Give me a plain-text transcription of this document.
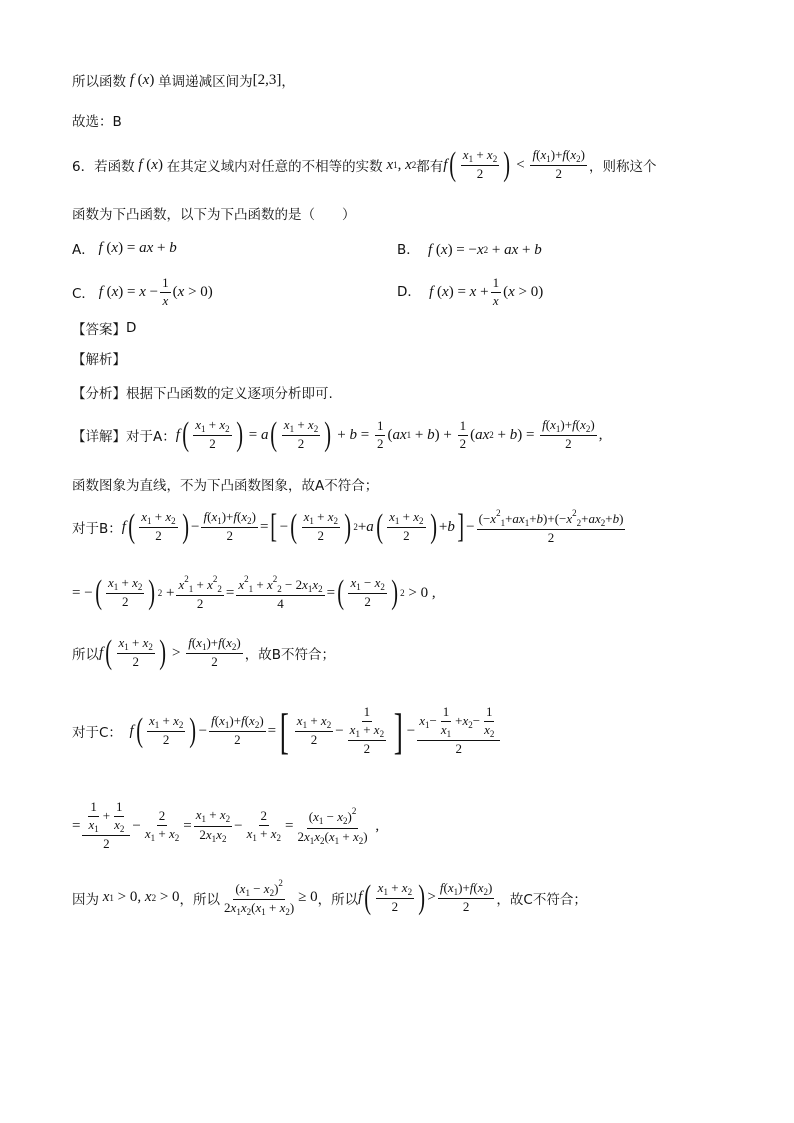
所以函数
f ( x ) 单调递减区间为 [2,3] ，
故选：B
6． 若函数
f ( x ) 在其定义域内对任意的不相等的实数
x 1 , x 2 都有 f ( $\frac{x_1 + x_2}{2}$ ) < $\frac{f(x_1)+f(x_2)}{2}$ ，则称这个
函数为下凸函数，以下为下凸函数的是（　　）
A．
f ( x ) = ax + b	B． f ( x ) = − x 2 + ax + b
C．
f ( x ) = $x - \frac{1}{x}$ ( x > 0)	D． f ( x ) = $x + \frac{1}{x}$ ( x > 0)
【答案】 D
【解析】
【分析】 根据下凸函数的定义逐项分析即可.
【详解】 对于A： f ( $\frac{x_1 + x_2}{2}$ ) = a ( $\frac{x_1 + x_2}{2}$ ) + $b = \frac{1}{2}$ ( ax 1 + b ) + $\frac{1}{2}$ ( ax 2 + b ) = $\frac{f(x_1)+f(x_2)}{2}$ ,
函数图象为直线，不为下凸函数图象，故A不符合；
对于B： f ( $\frac{x_1 + x_2}{2}$ ) − $\frac{f(x_1)+f(x_2)}{2}$ = [ − ( $\frac{x_1 + x_2}{2}$ ) 2 + a ( $\frac{x_1 + x_2}{2}$ ) + b ] − $\frac{(-x^2_1+ax_1+b)+(-x^2_2+ax_2+b)}{2}$
= − ( $\frac{x_1 + x_2}{2}$ ) $2 + \frac{x^2_1 + x^2_2}{2} = \frac{x^2_1 + x^2_2 - 2x_1x_2}{4}$ = ( $\frac{x_1 - x_2}{2}$ ) 2 > 0 ,
所以 f ( $\frac{x_1 + x_2}{2}$ ) > $\frac{f(x_1)+f(x_2)}{2}$ ，故B不符合；
对于C：
f ( $\frac{x_1 + x_2}{2}$ ) − $\frac{f(x_1)+f(x_2)}{2}$ = [ $\frac{x_1 + x_2}{2} - \frac{1}{\frac{x_1 + x_2}{2}}$ ] − $\frac{x_1- \frac{1}{x_1} +x_2- \frac{1}{x_2}}{2}$
= $\frac{\frac{1}{x_1} + \frac{1}{x_2}}{2} - \frac{2}{x_1 + x_2} = \frac{x_1 + x_2}{2x_1x_2} - \frac{2}{x_1 + x_2} = \frac{(x_1 - x_2)^2}{2x_1x_2(x_1 + x_2)}$ ,
因为
x 1 > 0, x 2 > 0 ，所以 $\frac{(x_1 - x_2)^2}{2x_1x_2(x_1 + x_2)} \ge 0$ ，所以 f ( $\frac{x_1 + x_2}{2}$ ) > $\frac{f(x_1)+f(x_2)}{2}$ ，故C不符合；
